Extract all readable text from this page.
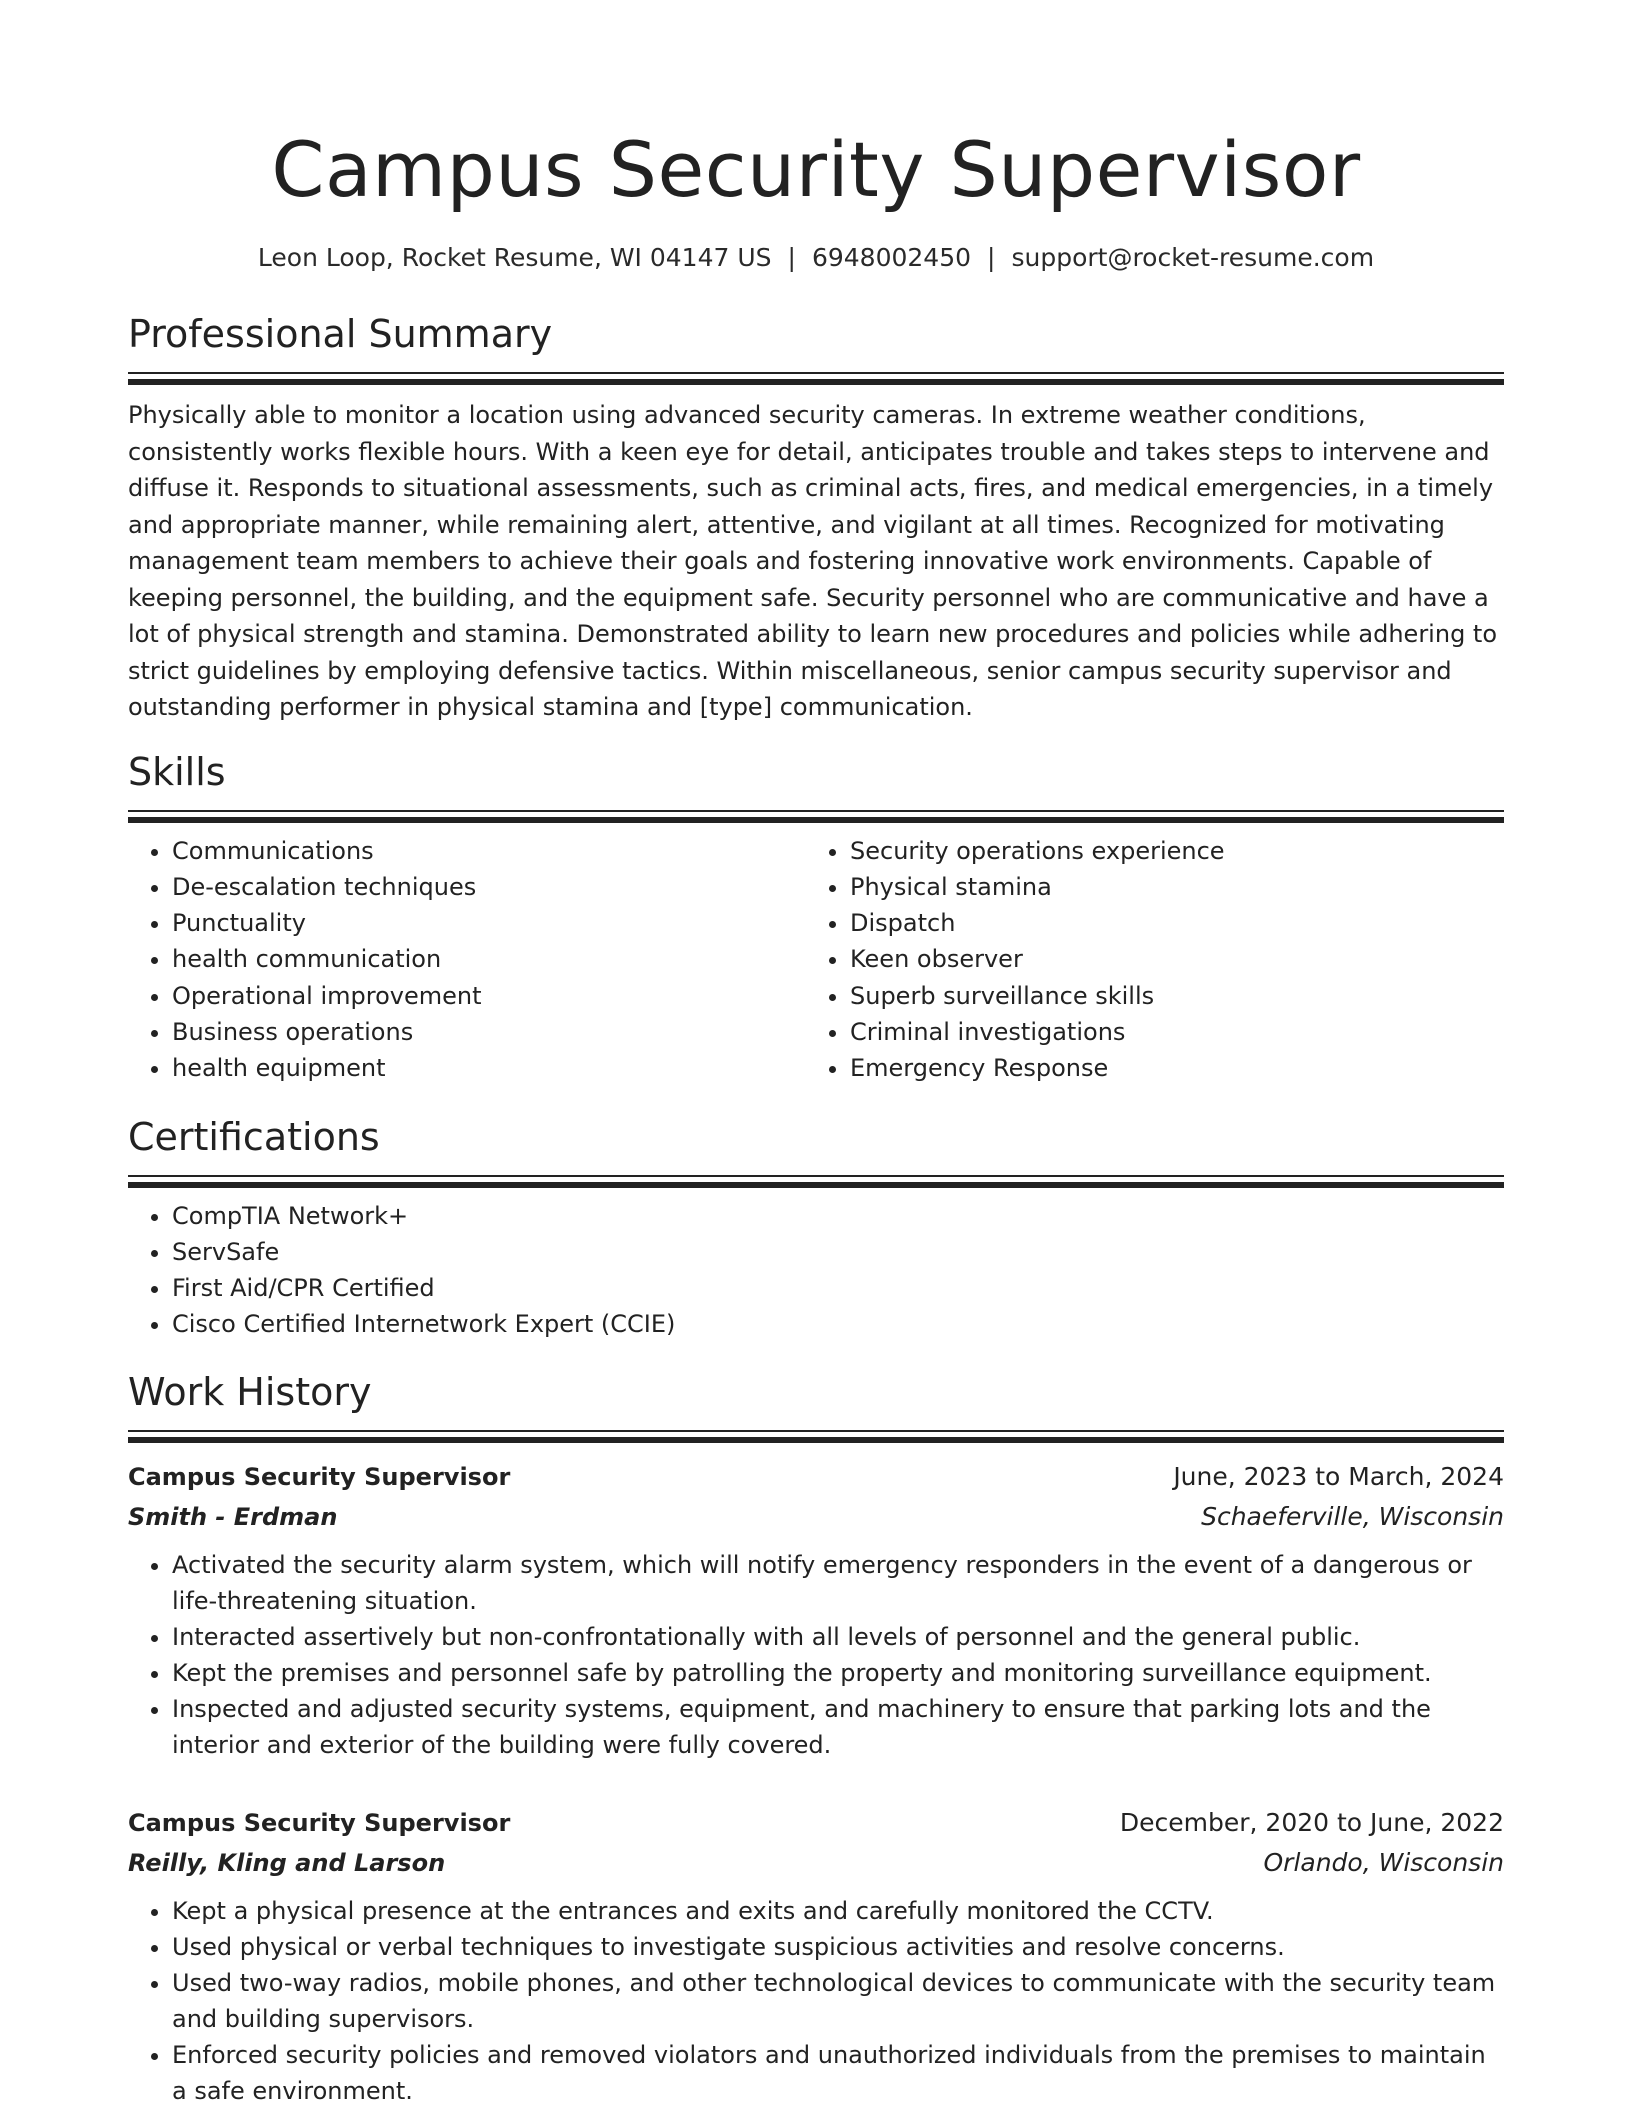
Campus Security Supervisor
Leon Loop, Rocket Resume, WI 04147 US | 6948002450 | support@rocket-resume.com
Professional Summary

Physically able to monitor a location using advanced security cameras. In extreme weather conditions, consistently works flexible hours. With a keen eye for detail, anticipates trouble and takes steps to intervene and diffuse it. Responds to situational assessments, such as criminal acts, fires, and medical emergencies, in a timely and appropriate manner, while remaining alert, attentive, and vigilant at all times. Recognized for motivating management team members to achieve their goals and fostering innovative work environments. Capable of keeping personnel, the building, and the equipment safe. Security personnel who are communicative and have a lot of physical strength and stamina. Demonstrated ability to learn new procedures and policies while adhering to strict guidelines by employing defensive tactics. Within miscellaneous, senior campus security supervisor and outstanding performer in physical stamina and [type] communication.

Skills
• Communications
• De-escalation techniques
• Punctuality
• health communication
• Operational improvement
• Business operations
• health equipment
• Security operations experience
• Physical stamina
• Dispatch
• Keen observer
• Superb surveillance skills
• Criminal investigations
• Emergency Response
Certifications
• CompTIA Network+
• ServSafe
• First Aid/CPR Certified
• Cisco Certified Internetwork Expert (CCIE)
Work History
Campus Security Supervisor	June, 2023 to March, 2024
Smith - Erdman	Schaeferville, Wisconsin
• Activated the security alarm system, which will notify emergency responders in the event of a dangerous or life-threatening situation.
• Interacted assertively but non-confrontationally with all levels of personnel and the general public.
• Kept the premises and personnel safe by patrolling the property and monitoring surveillance equipment.
• Inspected and adjusted security systems, equipment, and machinery to ensure that parking lots and the interior and exterior of the building were fully covered.
Campus Security Supervisor	December, 2020 to June, 2022
Reilly, Kling and Larson	Orlando, Wisconsin
• Kept a physical presence at the entrances and exits and carefully monitored the CCTV.
• Used physical or verbal techniques to investigate suspicious activities and resolve concerns.
• Used two-way radios, mobile phones, and other technological devices to communicate with the security team and building supervisors.
• Enforced security policies and removed violators and unauthorized individuals from the premises to maintain a safe environment.
